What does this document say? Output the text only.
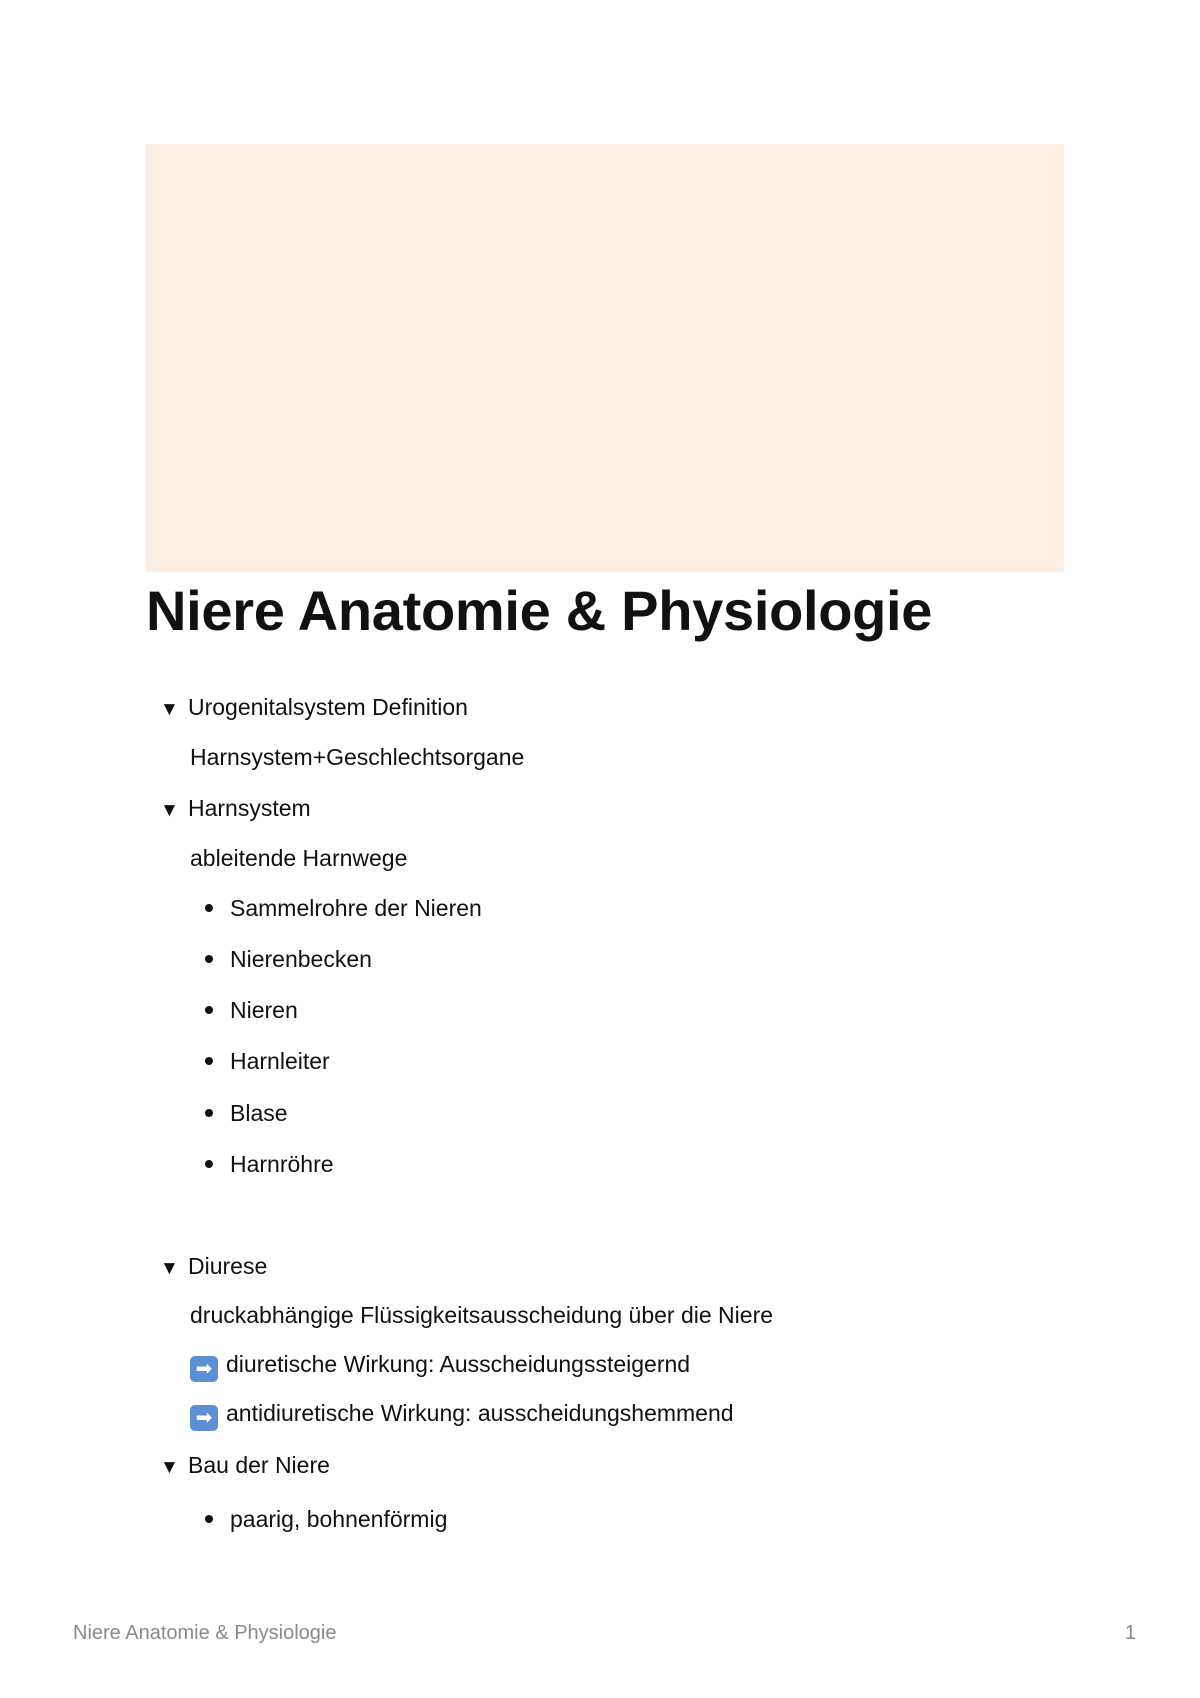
Niere Anatomie & Physiologie
▼ Urogenitalsystem Definition
Harnsystem+Geschlechtsorgane
▼ Harnsystem
ableitende Harnwege
Sammelrohre der Nieren
Nierenbecken
Nieren
Harnleiter
Blase
Harnröhre
▼ Diurese
druckabhängige Flüssigkeitsausscheidung über die Niere
➡ diuretische Wirkung: Ausscheidungssteigernd
➡ antidiuretische Wirkung: ausscheidungshemmend
▼ Bau der Niere
paarig, bohnenförmig
Niere Anatomie & Physiologie	1
